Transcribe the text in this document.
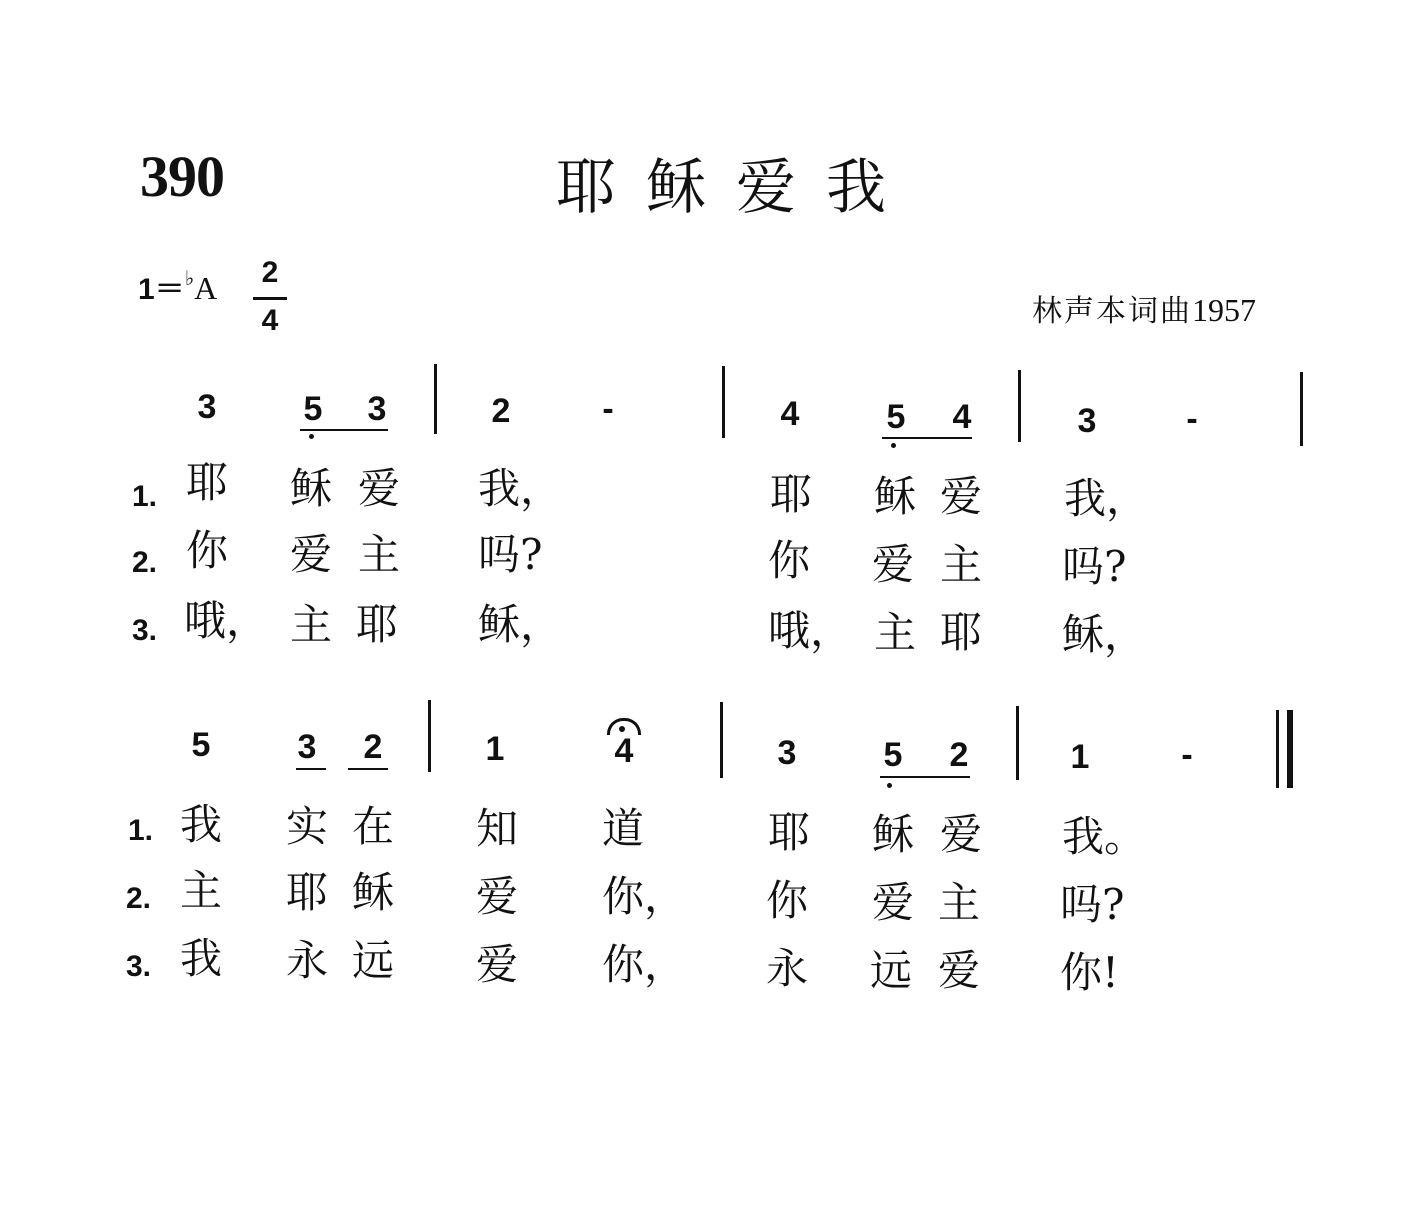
390	耶稣爱我
1＝♭A 2
4	林声本词曲1957
3	5 3	2	-	4	5 4	3	-
1.
2.
3.
耶 稣 爱 我，	耶 稣 爱 我，
你 爱 主 吗?	你 爱 主 吗?
哦， 主 耶 稣，	哦， 主 耶 稣，
5	3 2	1	4	3	5 2	1	-
1.
2.
3.
我 实 在 知 道	耶 稣 爱 我。
主 耶 稣 爱 你， 你 爱 主 吗?
我 永 远 爱 你， 永 远 爱 你!
